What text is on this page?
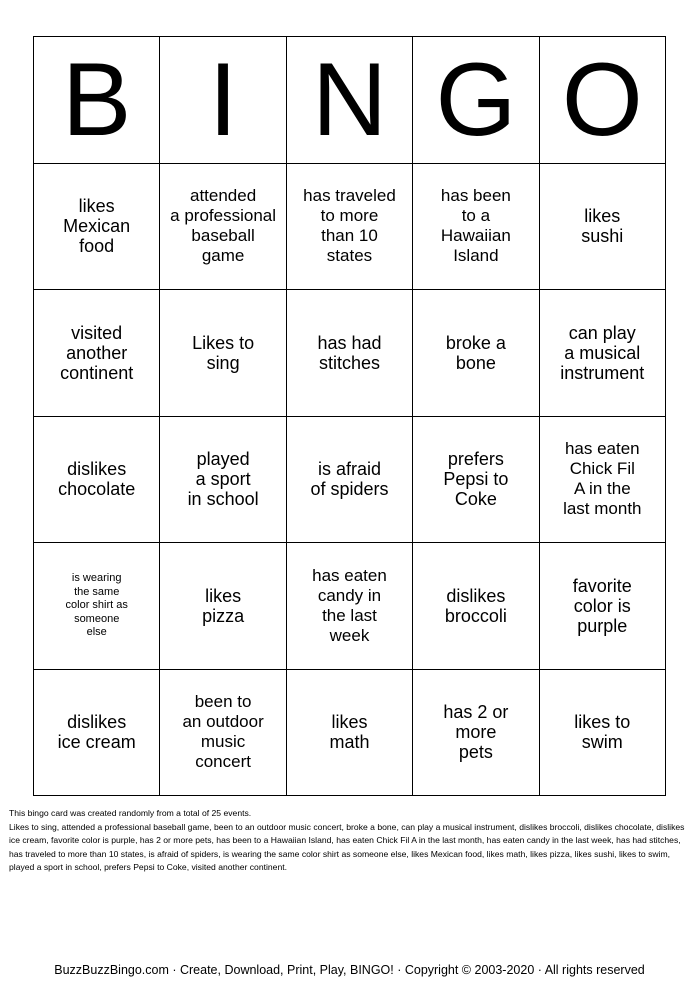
B I N G O
likes
Mexican
food
attended
a professional
baseball
game
has traveled
to more
than 10
states
has been
to a
Hawaiian
Island
likes
sushi
visited
another
continent
Likes to
sing
has had
stitches
broke a
bone
can play
a musical
instrument
dislikes
chocolate
played
a sport
in school
is afraid
of spiders
prefers
Pepsi to
Coke
has eaten
Chick Fil
A in the
last month
is wearing
the same
color shirt as
someone
else
likes
pizza
has eaten
candy in
the last
week
dislikes
broccoli
favorite
color is
purple
dislikes
ice cream
been to
an outdoor
music
concert
likes
math
has 2 or
more
pets
likes to
swim
This bingo card was created randomly from a total of 25 events.
Likes to sing, attended a professional baseball game, been to an outdoor music concert, broke a bone, can play a musical instrument, dislikes broccoli, dislikes chocolate, dislikes ice cream, favorite color is purple, has 2 or more pets, has been to a Hawaiian Island, has eaten Chick Fil A in the last month, has eaten candy in the last week, has had stitches, has traveled to more than 10 states, is afraid of spiders, is wearing the same color shirt as someone else, likes Mexican food, likes math, likes pizza, likes sushi, likes to swim, played a sport in school, prefers Pepsi to Coke, visited another continent.
BuzzBuzzBingo.com · Create, Download, Print, Play, BINGO! · Copyright © 2003-2020 · All rights reserved
